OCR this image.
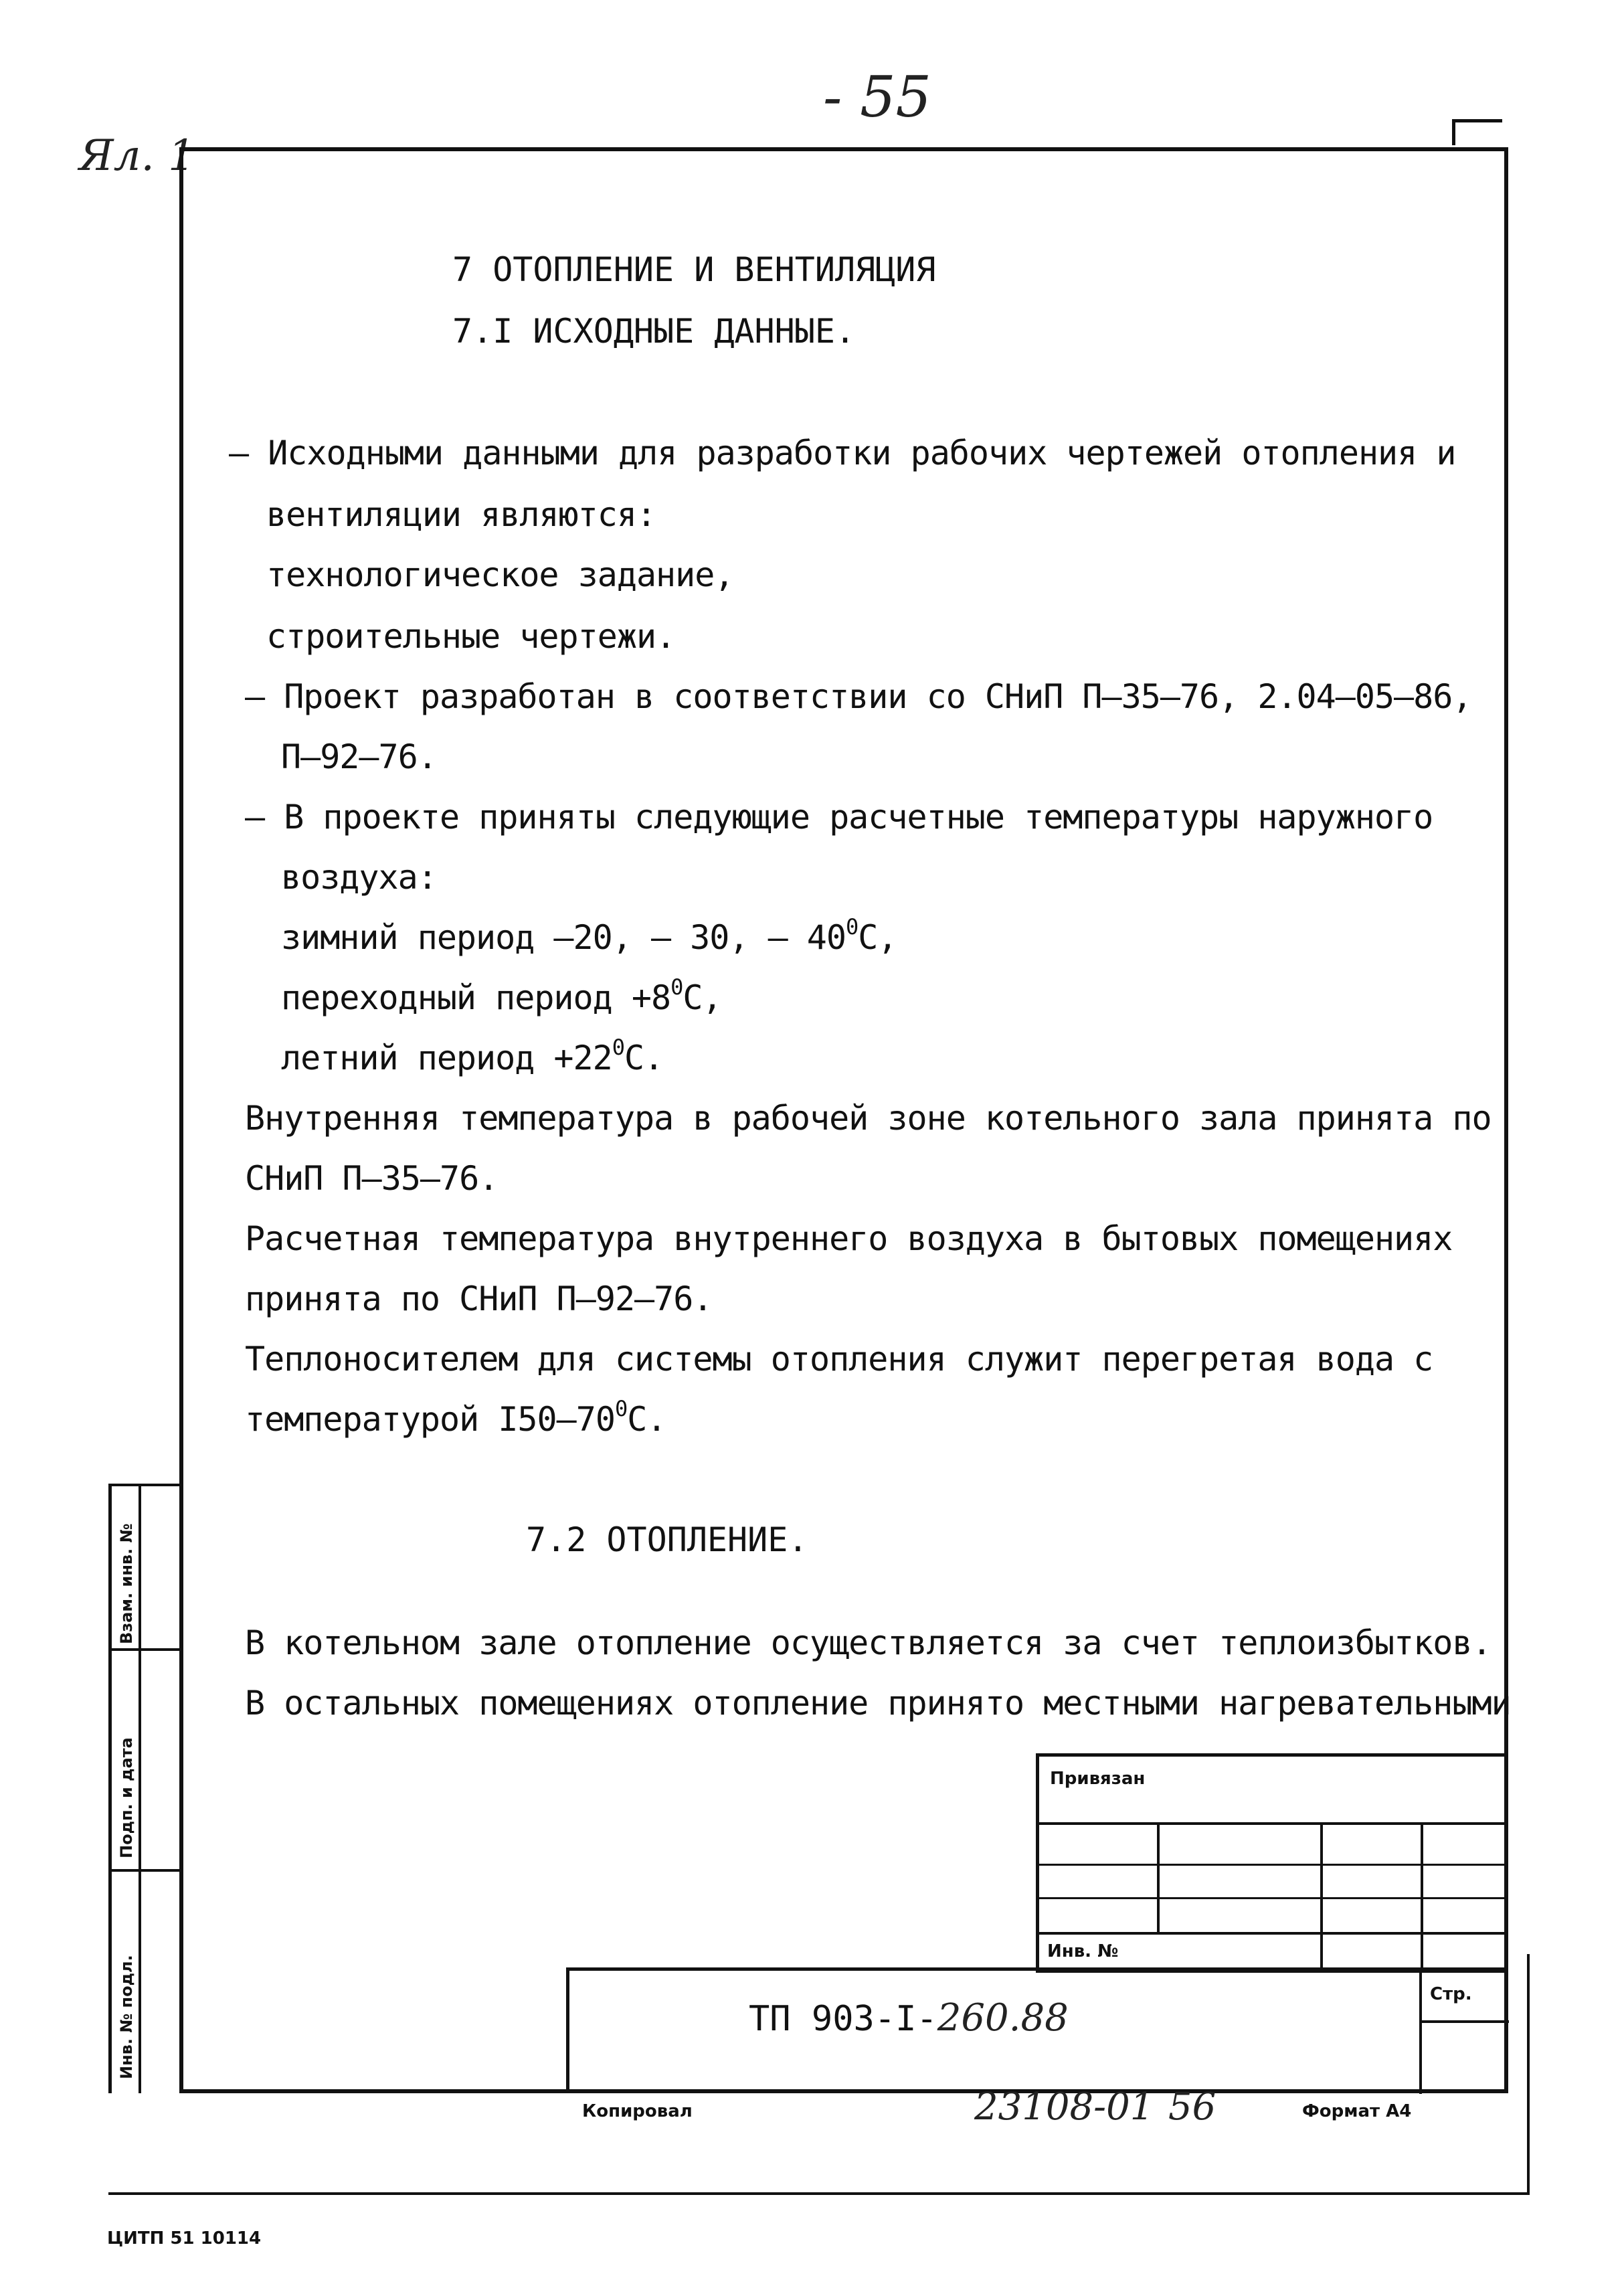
- 55
Ял. 1
7 ОТОПЛЕНИЕ И ВЕНТИЛЯЦИЯ
7.I ИСХОДНЫЕ ДАННЫЕ.
– Исходными данными для разработки рабочих чертежей отопления и
вентиляции являются:
технологическое задание,
строительные чертежи.
– Проект разработан в соответствии со СНиП П–35–76, 2.04–05–86,
П–92–76.
– В проекте приняты следующие расчетные температуры наружного
воздуха:
зимний период –20, – 30, – $40^0С$,
переходный период $+8^0С$,
летний период $+22^0С$.
Внутренняя температура в рабочей зоне котельного зала принята по
СНиП П–35–76.
Расчетная температура внутреннего воздуха в бытовых помещениях
принята по СНиП П–92–76.
Теплоносителем для системы отопления служит перегретая вода с
температурой $I50-70^0С$.
7.2 ОТОПЛЕНИЕ.
В котельном зале отопление осуществляется за счет теплоизбытков.
В остальных помещениях отопление принято местными нагревательными
Взам. инв. №
Подп. и дата
Инв. № подл.
Привязан
Инв. №
ТП 903-I-260.88
Стр.
Копировал	23108-01 56	Формат А4
ЦИТП 51 10114
